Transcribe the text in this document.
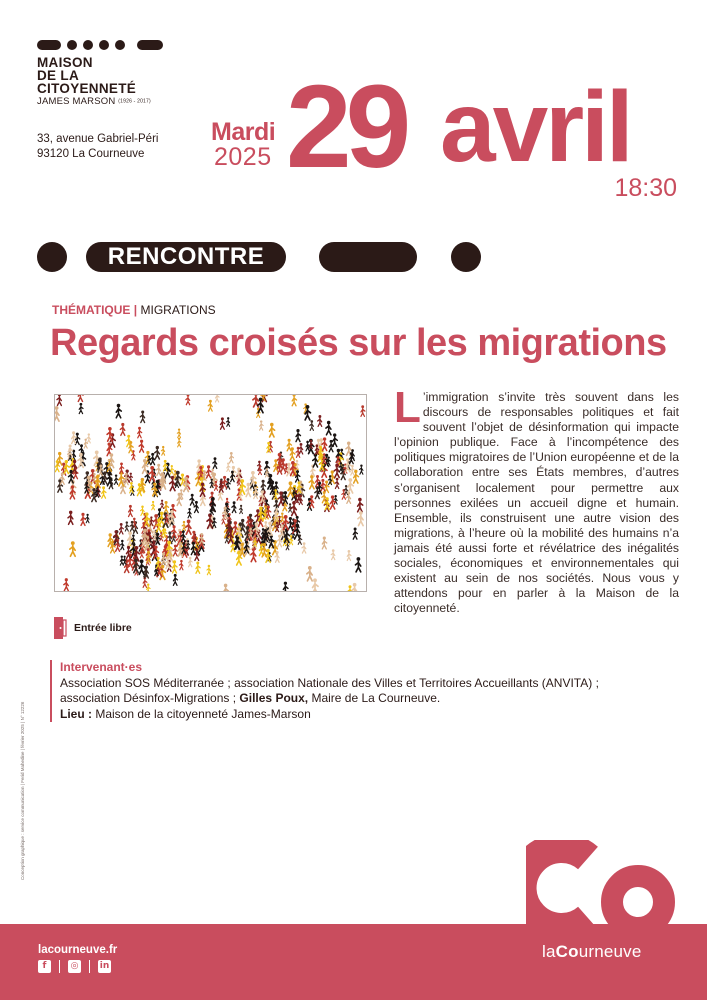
MAISON
DE LA
CITOYENNETÉ
JAMES MARSON (1926 - 2017)
33, avenue Gabriel-Péri
93120 La Courneuve
Mardi
2025 29 avril
18:30
RENCONTRE
THÉMATIQUE | MIGRATIONS
Regards croisés sur les migrations
L ’immigration s’invite très souvent dans les discours de responsables politiques et fait souvent l’objet de désinformation qui impacte l’opinion publique. Face à l’incompétence des politiques migratoires de l’Union européenne et de la collaboration entre ses États membres, d’autres s’organisent localement pour permettre aux personnes exilées un accueil digne et humain. Ensemble, ils construisent une autre vision des migrations, à l’heure où la mobilité des humains n’a jamais été aussi forte et révélatrice des inégalités sociales, économiques et environnementales qui existent au sein de nos sociétés. Nous vous y attendons pour en parler à la Maison de la citoyenneté.
Entrée libre
Intervenant·es
Association SOS Méditerranée ; association Nationale des Villes et Territoires Accueillants (ANVITA) ;
association Désinfox-Migrations ; Gilles Poux, Maire de La Courneuve.
Lieu : Maison de la citoyenneté James-Marson
Conception graphique : service communication | Ferid Mahedine | février 2025 | N° 12226
lacourneuve.fr
f	◎ in
laCourneuve
